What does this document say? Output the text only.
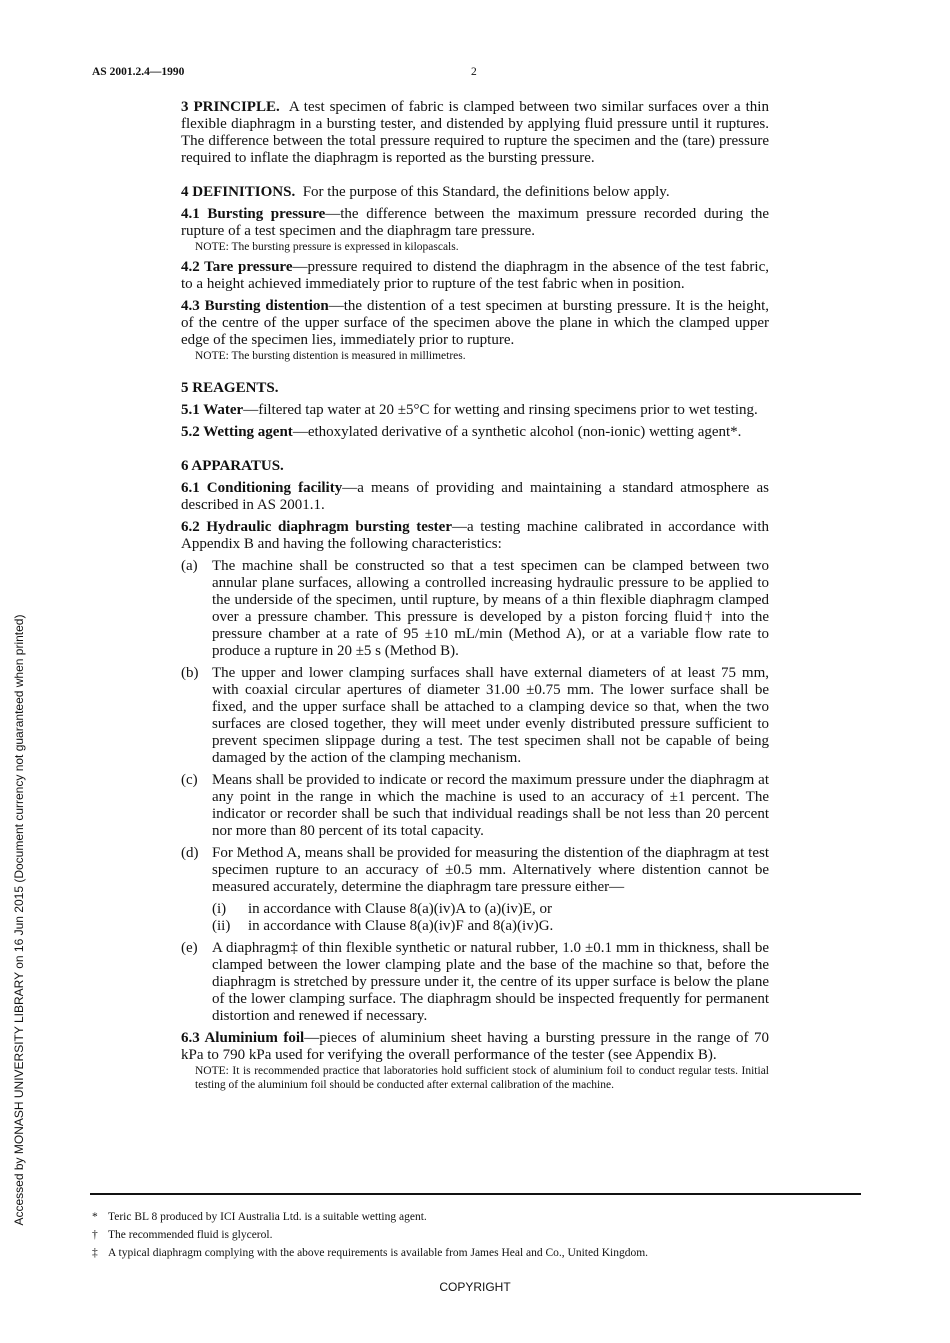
AS 2001.2.4—1990	2
Accessed by MONASH UNIVERSITY LIBRARY on 16 Jun 2015 (Document currency not guaranteed when printed)

3 PRINCIPLE. A test specimen of fabric is clamped between two similar surfaces over a thin flexible diaphragm in a bursting tester, and distended by applying fluid pressure until it ruptures. The difference between the total pressure required to rupture the specimen and the (tare) pressure required to inflate the diaphragm is reported as the bursting pressure.

4 DEFINITIONS. For the purpose of this Standard, the definitions below apply.

4.1 Bursting pressure—the difference between the maximum pressure recorded during the rupture of a test specimen and the diaphragm tare pressure.

NOTE: The bursting pressure is expressed in kilopascals.

4.2 Tare pressure—pressure required to distend the diaphragm in the absence of the test fabric, to a height achieved immediately prior to rupture of the test fabric when in position.

4.3 Bursting distention—the distention of a test specimen at bursting pressure. It is the height, of the centre of the upper surface of the specimen above the plane in which the clamped upper edge of the specimen lies, immediately prior to rupture.

NOTE: The bursting distention is measured in millimetres.

5 REAGENTS.

5.1 Water—filtered tap water at 20 ±5°C for wetting and rinsing specimens prior to wet testing.

5.2 Wetting agent—ethoxylated derivative of a synthetic alcohol (non-ionic) wetting agent*.

6 APPARATUS.

6.1 Conditioning facility—a means of providing and maintaining a standard atmosphere as described in AS 2001.1.

6.2 Hydraulic diaphragm bursting tester—a testing machine calibrated in accordance with Appendix B and having the following characteristics:

(a) The machine shall be constructed so that a test specimen can be clamped between two annular plane surfaces, allowing a controlled increasing hydraulic pressure to be applied to the underside of the specimen, until rupture, by means of a thin flexible diaphragm clamped over a pressure chamber. This pressure is developed by a piston forcing fluid† into the pressure chamber at a rate of 95 ±10 mL/min (Method A), or at a variable flow rate to produce a rupture in 20 ±5 s (Method B).
(b) The upper and lower clamping surfaces shall have external diameters of at least 75 mm, with coaxial circular apertures of diameter 31.00 ±0.75 mm. The lower surface shall be fixed, and the upper surface shall be attached to a clamping device so that, when the two surfaces are closed together, they will meet under evenly distributed pressure sufficient to prevent specimen slippage during a test. The test specimen shall not be capable of being damaged by the action of the clamping mechanism.
(c) Means shall be provided to indicate or record the maximum pressure under the diaphragm at any point in the range in which the machine is used to an accuracy of ±1 percent. The indicator or recorder shall be such that individual readings shall be not less than 20 percent nor more than 80 percent of its total capacity.
(d) For Method A, means shall be provided for measuring the distention of the diaphragm at test specimen rupture to an accuracy of ±0.5 mm. Alternatively where distention cannot be measured accurately, determine the diaphragm tare pressure either—
(i)	in accordance with Clause 8(a)(iv)A to (a)(iv)E, or
(ii)	in accordance with Clause 8(a)(iv)F and 8(a)(iv)G.
(e) A diaphragm‡ of thin flexible synthetic or natural rubber, 1.0 ±0.1 mm in thickness, shall be clamped between the lower clamping plate and the base of the machine so that, before the diaphragm is stretched by pressure under it, the centre of its upper surface is below the plane of the lower clamping surface. The diaphragm should be inspected frequently for permanent distortion and renewed if necessary.

6.3 Aluminium foil—pieces of aluminium sheet having a bursting pressure in the range of 70 kPa to 790 kPa used for verifying the overall performance of the tester (see Appendix B).

NOTE: It is recommended practice that laboratories hold sufficient stock of aluminium foil to conduct regular tests. Initial testing of the aluminium foil should be conducted after external calibration of the machine.

* Teric BL 8 produced by ICI Australia Ltd. is a suitable wetting agent.
† The recommended fluid is glycerol.
‡ A typical diaphragm complying with the above requirements is available from James Heal and Co., United Kingdom.
COPYRIGHT
